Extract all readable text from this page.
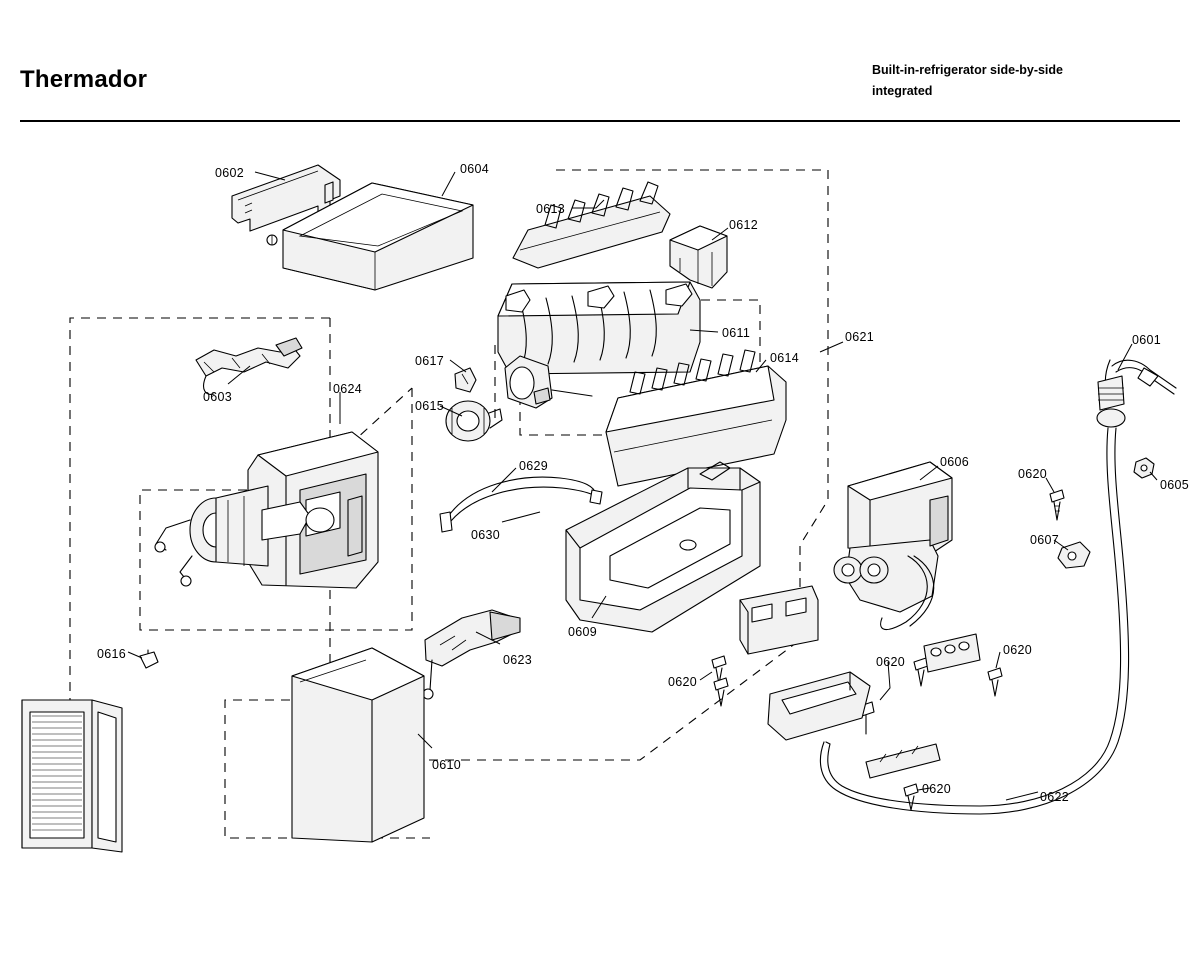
Thermador	Built-in-refrigerator side-by-side
integrated
0602	0604
0613
0612
0611
0614
0621	0601
0617
0603
0624
0615
0605
0620
0607
0606
0629
0630
0609
0623
0616
0610
0620
0620
0620
0620
0622
